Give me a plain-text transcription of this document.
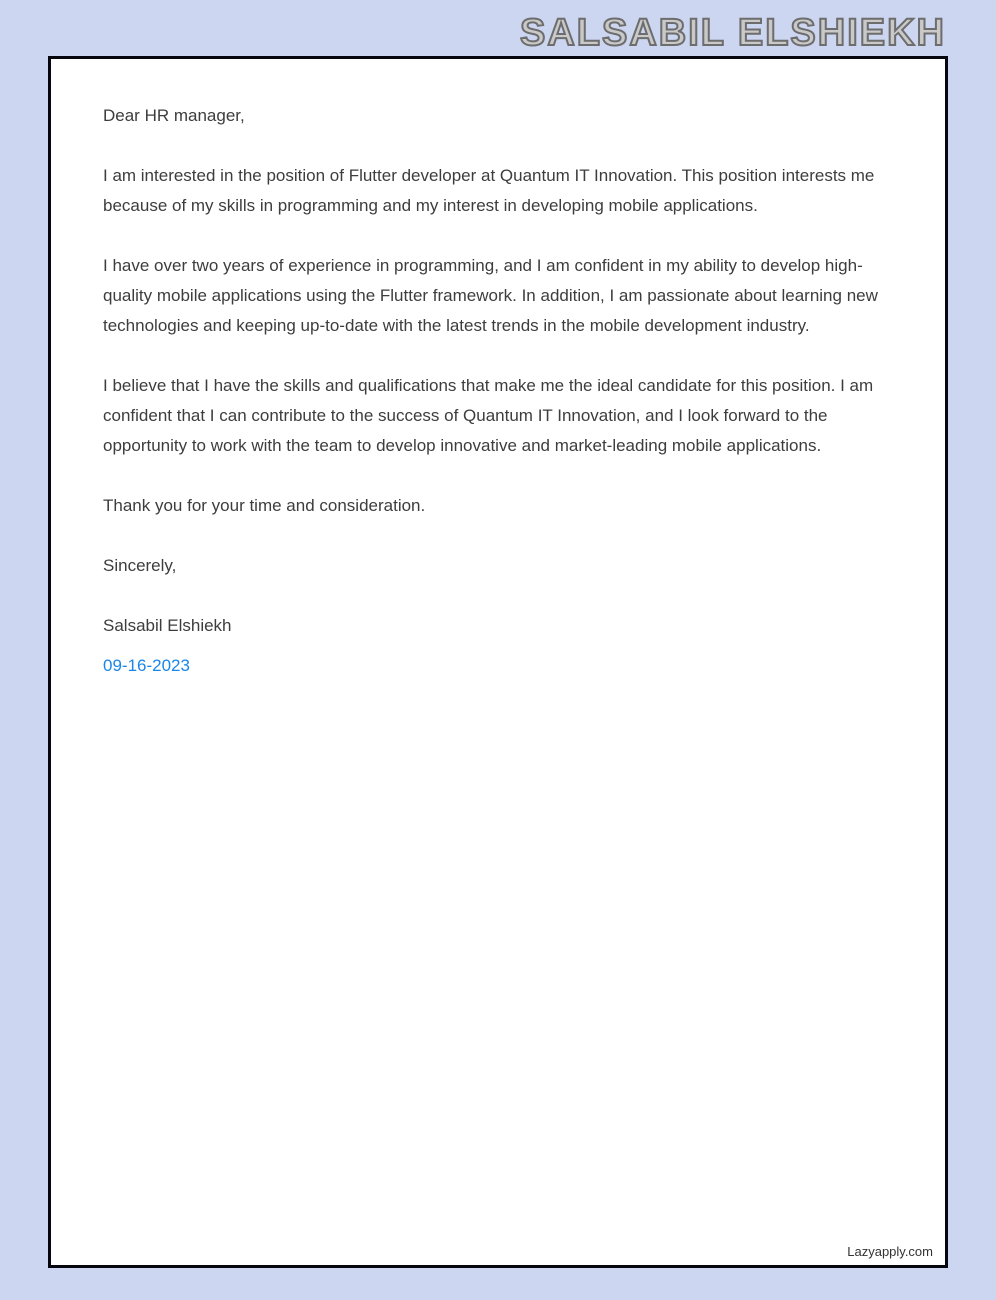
SALSABIL ELSHIEKH

Dear HR manager,

I am interested in the position of Flutter developer at Quantum IT Innovation. This position interests me because of my skills in programming and my interest in developing mobile applications.

I have over two years of experience in programming, and I am confident in my ability to develop high-quality mobile applications using the Flutter framework. In addition, I am passionate about learning new technologies and keeping up-to-date with the latest trends in the mobile development industry.

I believe that I have the skills and qualifications that make me the ideal candidate for this position. I am confident that I can contribute to the success of Quantum IT Innovation, and I look forward to the opportunity to work with the team to develop innovative and market-leading mobile applications.

Thank you for your time and consideration.

Sincerely,

Salsabil Elshiekh

09-16-2023

Lazyapply.com
